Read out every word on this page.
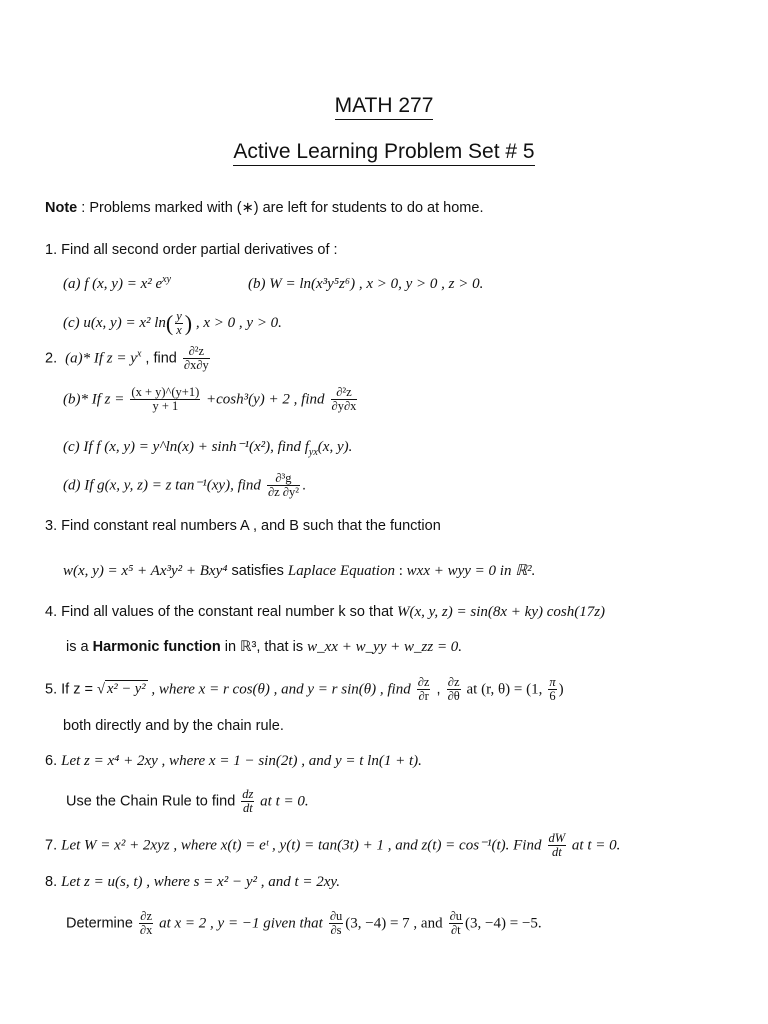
MATH 277
Active Learning Problem Set # 5
Note : Problems marked with (∗) are left for students to do at home.
1. Find all second order partial derivatives of :
(a) f (x, y) = x² $e^{xy}$	(b) W = ln(x³y⁵z⁶) , x > 0, y > 0 , z > 0.
(c) u(x, y) = x² $\ln( \frac{y}{x}$ ) , x > 0 , y > 0.
2. (a)* If $z = y^x$ , find $\frac{\text{∂²z}}{\partial x\partial y}$
(b)* If $z = \frac{(x + y)\^{}(y+1)}{y + 1} +\cosh^3(y) + 2$ , find $\frac{\text{∂²z}}{\partial y\partial x}$
(c) If f (x, y) = y^ln(x) + sinh⁻¹(x²), find $f_{yx}(x$, y).
(d) If g(x, y, z) = z tan⁻¹(xy), find $\frac{\text{∂³g}}{\text{∂z ∂y²}}$ .
3. Find constant real numbers A , and B such that the function
w(x, y) = x⁵ + Ax³y² + Bxy⁴ satisfies Laplace Equation : wxx + wyy = 0 in ℝ².
4. Find all values of the constant real number k so that W(x, y, z) = sin(8x + ky) cosh(17z)
is a Harmonic function in ℝ³, that is w_xx + w_yy + w_zz = 0.
5. If z = √ x² − y² , where x = r cos(θ) , and y = r sin(θ) , find $\frac{\partial z}{\partial r}$ , $\frac{\partial z}{\partial\theta}$ at (r, θ) = (1, $\frac{\pi}{6}$ )
both directly and by the chain rule.
6. Let z = x⁴ + 2xy , where x = 1 − sin(2t) , and y = t ln(1 + t).
Use the Chain Rule to find $\frac{dz}{dt}$ at t = 0.
7. Let W = x² + 2xyz , where x(t) = eᵗ , y(t) = tan(3t) + 1 , and z(t) = cos⁻¹(t). Find $\frac{dW}{dt}$ at t = 0.
8. Let z = u(s, t) , where s = x² − y² , and t = 2xy.
Determine $\frac{\partial z}{\partial x}$ at x = 2 , y = −1 given that $\frac{\partial u}{\partial s} (3$, −4) = 7 , and $\frac{\partial u}{\partial t} (3$, −4) = −5.
